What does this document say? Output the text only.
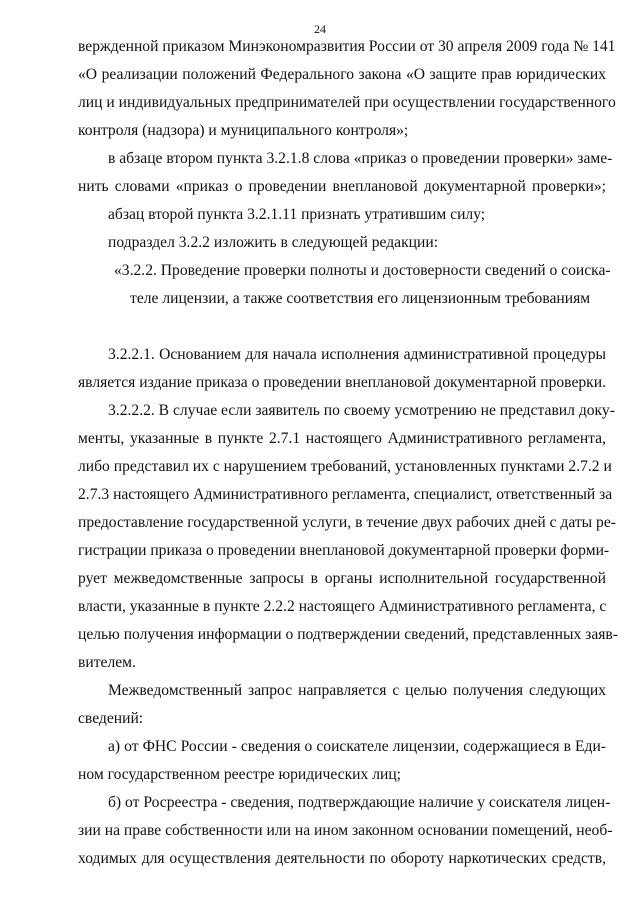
24
вержденной приказом Минэкономразвития России от 30 апреля 2009 года № 141
«О реализации положений Федерального закона «О защите прав юридических
лиц и индивидуальных предпринимателей при осуществлении государственного
контроля (надзора) и муниципального контроля»;
в абзаце втором пункта 3.2.1.8 слова «приказ о проведении проверки» заме-
нить словами «приказ о проведении внеплановой документарной проверки»;
абзац второй пункта 3.2.1.11 признать утратившим силу;
подраздел 3.2.2 изложить в следующей редакции:
«3.2.2. Проведение проверки полноты и достоверности сведений о соиска-
теле лицензии, а также соответствия его лицензионным требованиям
3.2.2.1. Основанием для начала исполнения административной процедуры
является издание приказа о проведении внеплановой документарной проверки.
3.2.2.2. В случае если заявитель по своему усмотрению не представил доку-
менты, указанные в пункте 2.7.1 настоящего Административного регламента,
либо представил их с нарушением требований, установленных пунктами 2.7.2 и
2.7.3 настоящего Административного регламента, специалист, ответственный за
предоставление государственной услуги, в течение двух рабочих дней с даты ре-
гистрации приказа о проведении внеплановой документарной проверки форми-
рует межведомственные запросы в органы исполнительной государственной
власти, указанные в пункте 2.2.2 настоящего Административного регламента, с
целью получения информации о подтверждении сведений, представленных заяв-
вителем.
Межведомственный запрос направляется с целью получения следующих
сведений:
а) от ФНС России - сведения о соискателе лицензии, содержащиеся в Еди-
ном государственном реестре юридических лиц;
б) от Росреестра - сведения, подтверждающие наличие у соискателя лицен-
зии на праве собственности или на ином законном основании помещений, необ-
ходимых для осуществления деятельности по обороту наркотических средств,
